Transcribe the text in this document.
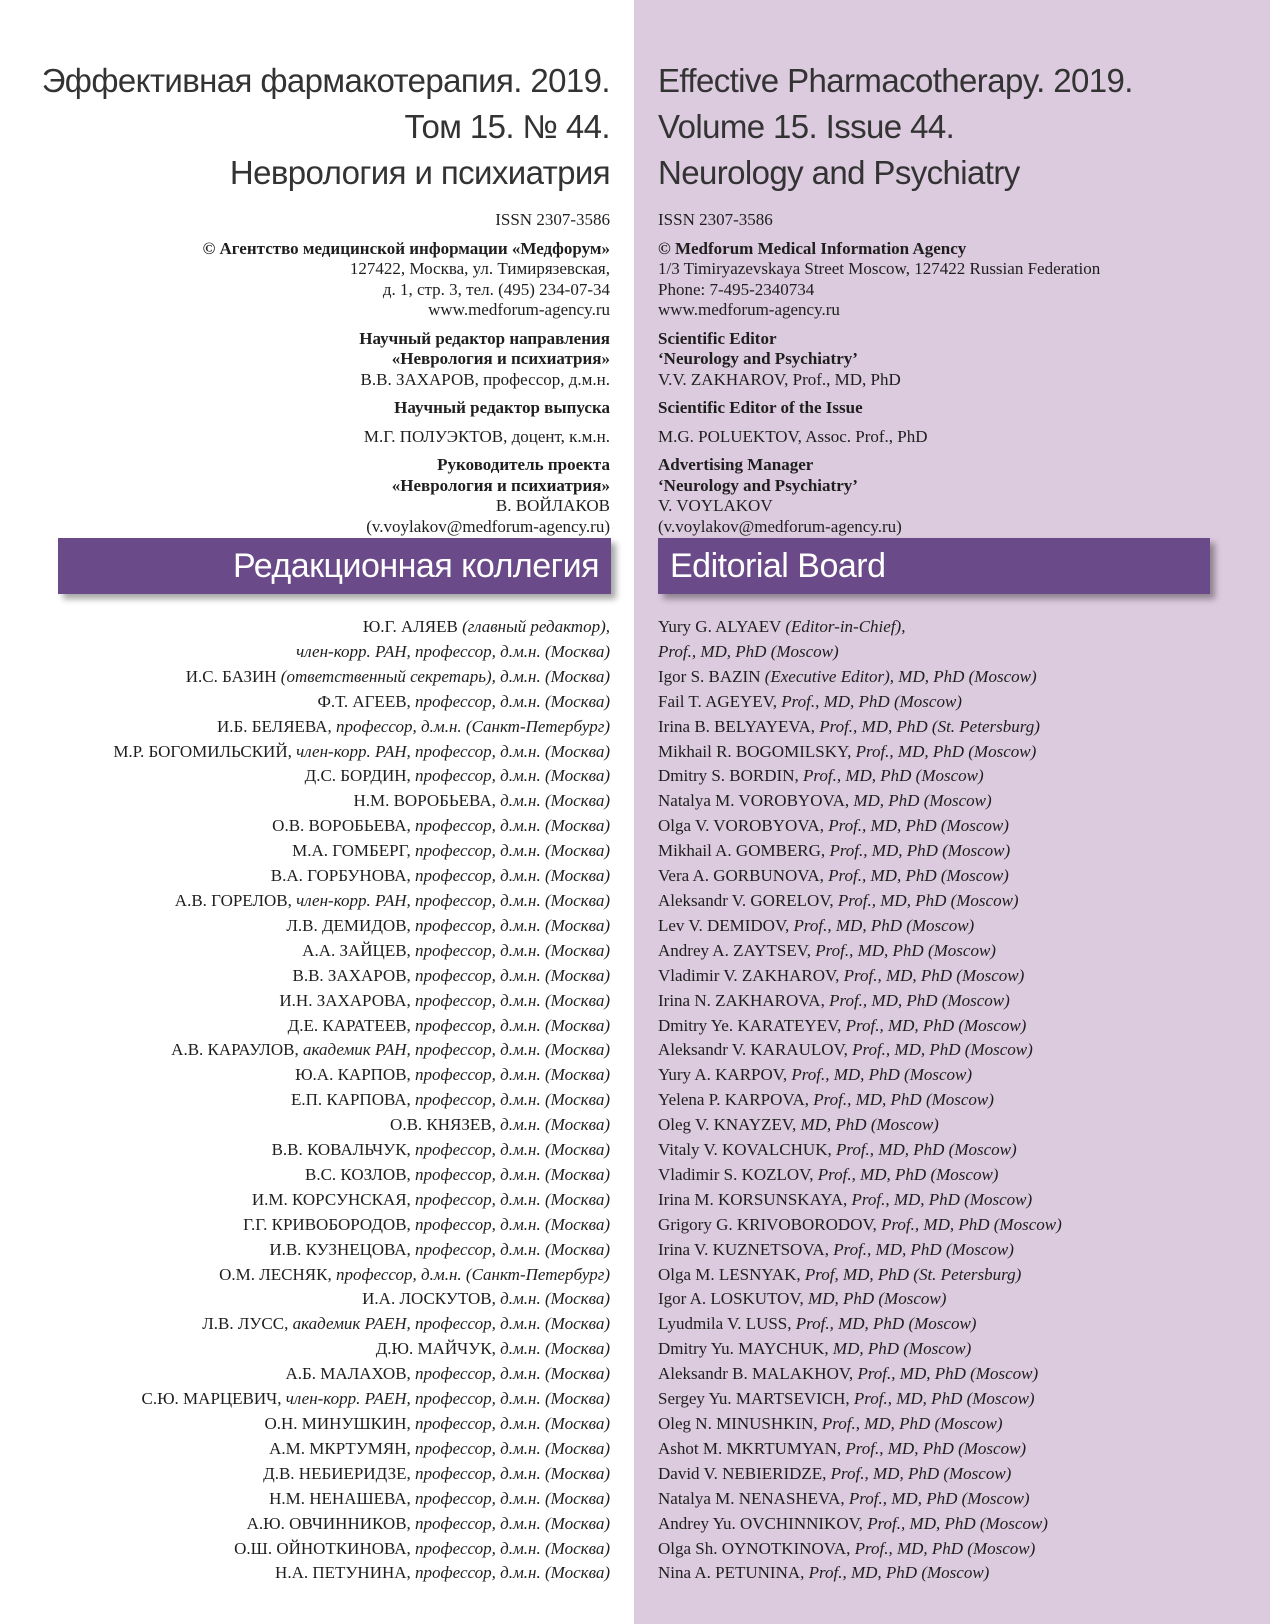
Эффективная фармакотерапия. 2019.
Том 15. № 44.
Неврология и психиатрия
ISSN 2307-3586
© Агентство медицинской информации «Медфорум»
127422, Москва, ул. Тимирязевская,
д. 1, стр. 3, тел. (495) 234-07-34
www.medforum-agency.ru
Научный редактор направления
«Неврология и психиатрия»
В.В. ЗАХАРОВ, профессор, д.м.н.
Научный редактор выпуска
М.Г. ПОЛУЭКТОВ, доцент, к.м.н.
Руководитель проекта
«Неврология и психиатрия»
В. ВОЙЛАКОВ
(v.voylakov@medforum-agency.ru)
Ю.Г. АЛЯЕВ (главный редактор),
член-корр. РАН, профессор, д.м.н. (Москва)
И.С. БАЗИН (ответственный секретарь), д.м.н. (Москва)
Ф.Т. АГЕЕВ, профессор, д.м.н. (Москва)
И.Б. БЕЛЯЕВА, профессор, д.м.н. (Санкт-Петербург)
М.Р. БОГОМИЛЬСКИЙ, член-корр. РАН, профессор, д.м.н. (Москва)
Д.С. БОРДИН, профессор, д.м.н. (Москва)
Н.М. ВОРОБЬЕВА, д.м.н. (Москва)
О.В. ВОРОБЬЕВА, профессор, д.м.н. (Москва)
М.А. ГОМБЕРГ, профессор, д.м.н. (Москва)
В.А. ГОРБУНОВА, профессор, д.м.н. (Москва)
А.В. ГОРЕЛОВ, член-корр. РАН, профессор, д.м.н. (Москва)
Л.В. ДЕМИДОВ, профессор, д.м.н. (Москва)
А.А. ЗАЙЦЕВ, профессор, д.м.н. (Москва)
В.В. ЗАХАРОВ, профессор, д.м.н. (Москва)
И.Н. ЗАХАРОВА, профессор, д.м.н. (Москва)
Д.Е. КАРАТЕЕВ, профессор, д.м.н. (Москва)
А.В. КАРАУЛОВ, академик РАН, профессор, д.м.н. (Москва)
Ю.А. КАРПОВ, профессор, д.м.н. (Москва)
Е.П. КАРПОВА, профессор, д.м.н. (Москва)
О.В. КНЯЗЕВ, д.м.н. (Москва)
В.В. КОВАЛЬЧУК, профессор, д.м.н. (Москва)
В.С. КОЗЛОВ, профессор, д.м.н. (Москва)
И.М. КОРСУНСКАЯ, профессор, д.м.н. (Москва)
Г.Г. КРИВОБОРОДОВ, профессор, д.м.н. (Москва)
И.В. КУЗНЕЦОВА, профессор, д.м.н. (Москва)
О.М. ЛЕСНЯК, профессор, д.м.н. (Санкт-Петербург)
И.А. ЛОСКУТОВ, д.м.н. (Москва)
Л.В. ЛУСС, академик РАЕН, профессор, д.м.н. (Москва)
Д.Ю. МАЙЧУК, д.м.н. (Москва)
А.Б. МАЛАХОВ, профессор, д.м.н. (Москва)
С.Ю. МАРЦЕВИЧ, член-корр. РАЕН, профессор, д.м.н. (Москва)
О.Н. МИНУШКИН, профессор, д.м.н. (Москва)
А.М. МКРТУМЯН, профессор, д.м.н. (Москва)
Д.В. НЕБИЕРИДЗЕ, профессор, д.м.н. (Москва)
Н.М. НЕНАШЕВА, профессор, д.м.н. (Москва)
А.Ю. ОВЧИННИКОВ, профессор, д.м.н. (Москва)
О.Ш. ОЙНОТКИНОВА, профессор, д.м.н. (Москва)
Н.А. ПЕТУНИНА, профессор, д.м.н. (Москва)
Редакционная коллегия
Effective Pharmacotherapy. 2019.
Volume 15. Issue 44.
Neurology and Psychiatry
ISSN 2307-3586
© Medforum Medical Information Agency
1/3 Timiryazevskaya Street Moscow, 127422 Russian Federation
Phone: 7-495-2340734
www.medforum-agency.ru
Scientific Editor
‘Neurology and Psychiatry’
V.V. ZAKHAROV, Prof., MD, PhD
Scientific Editor of the Issue
M.G. POLUEKTOV, Assoc. Prof., PhD
Advertising Manager
‘Neurology and Psychiatry’
V. VOYLAKOV
(v.voylakov@medforum-agency.ru)
Yury G. ALYAEV (Editor-in-Chief),
Prof., MD, PhD (Moscow)
Igor S. BAZIN (Executive Editor), MD, PhD (Moscow)
Fail T. AGEYEV, Prof., MD, PhD (Moscow)
Irina B. BELYAYEVA, Prof., MD, PhD (St. Petersburg)
Mikhail R. BOGOMILSKY, Prof., MD, PhD (Moscow)
Dmitry S. BORDIN, Prof., MD, PhD (Moscow)
Natalya M. VOROBYOVA, MD, PhD (Moscow)
Olga V. VOROBYOVA, Prof., MD, PhD (Moscow)
Mikhail A. GOMBERG, Prof., MD, PhD (Moscow)
Vera A. GORBUNOVA, Prof., MD, PhD (Moscow)
Aleksandr V. GORELOV, Prof., MD, PhD (Moscow)
Lev V. DEMIDOV, Prof., MD, PhD (Moscow)
Andrey A. ZAYTSEV, Prof., MD, PhD (Moscow)
Vladimir V. ZAKHAROV, Prof., MD, PhD (Moscow)
Irina N. ZAKHAROVA, Prof., MD, PhD (Moscow)
Dmitry Ye. KARATEYEV, Prof., MD, PhD (Moscow)
Aleksandr V. KARAULOV, Prof., MD, PhD (Moscow)
Yury A. KARPOV, Prof., MD, PhD (Moscow)
Yelena P. KARPOVA, Prof., MD, PhD (Moscow)
Oleg V. KNAYZEV, MD, PhD (Moscow)
Vitaly V. KOVALCHUK, Prof., MD, PhD (Moscow)
Vladimir S. KOZLOV, Prof., MD, PhD (Moscow)
Irina M. KORSUNSKAYA, Prof., MD, PhD (Moscow)
Grigory G. KRIVOBORODOV, Prof., MD, PhD (Moscow)
Irina V. KUZNETSOVA, Prof., MD, PhD (Moscow)
Olga M. LESNYAK, Prof, MD, PhD (St. Petersburg)
Igor A. LOSKUTOV, MD, PhD (Moscow)
Lyudmila V. LUSS, Prof., MD, PhD (Moscow)
Dmitry Yu. MAYCHUK, MD, PhD (Moscow)
Aleksandr B. MALAKHOV, Prof., MD, PhD (Moscow)
Sergey Yu. MARTSEVICH, Prof., MD, PhD (Moscow)
Oleg N. MINUSHKIN, Prof., MD, PhD (Moscow)
Ashot M. MKRTUMYAN, Prof., MD, PhD (Moscow)
David V. NEBIERIDZE, Prof., MD, PhD (Moscow)
Natalya M. NENASHEVA, Prof., MD, PhD (Moscow)
Andrey Yu. OVCHINNIKOV, Prof., MD, PhD (Moscow)
Olga Sh. OYNOTKINOVA, Prof., MD, PhD (Moscow)
Nina A. PETUNINA, Prof., MD, PhD (Moscow)
Editorial Board
